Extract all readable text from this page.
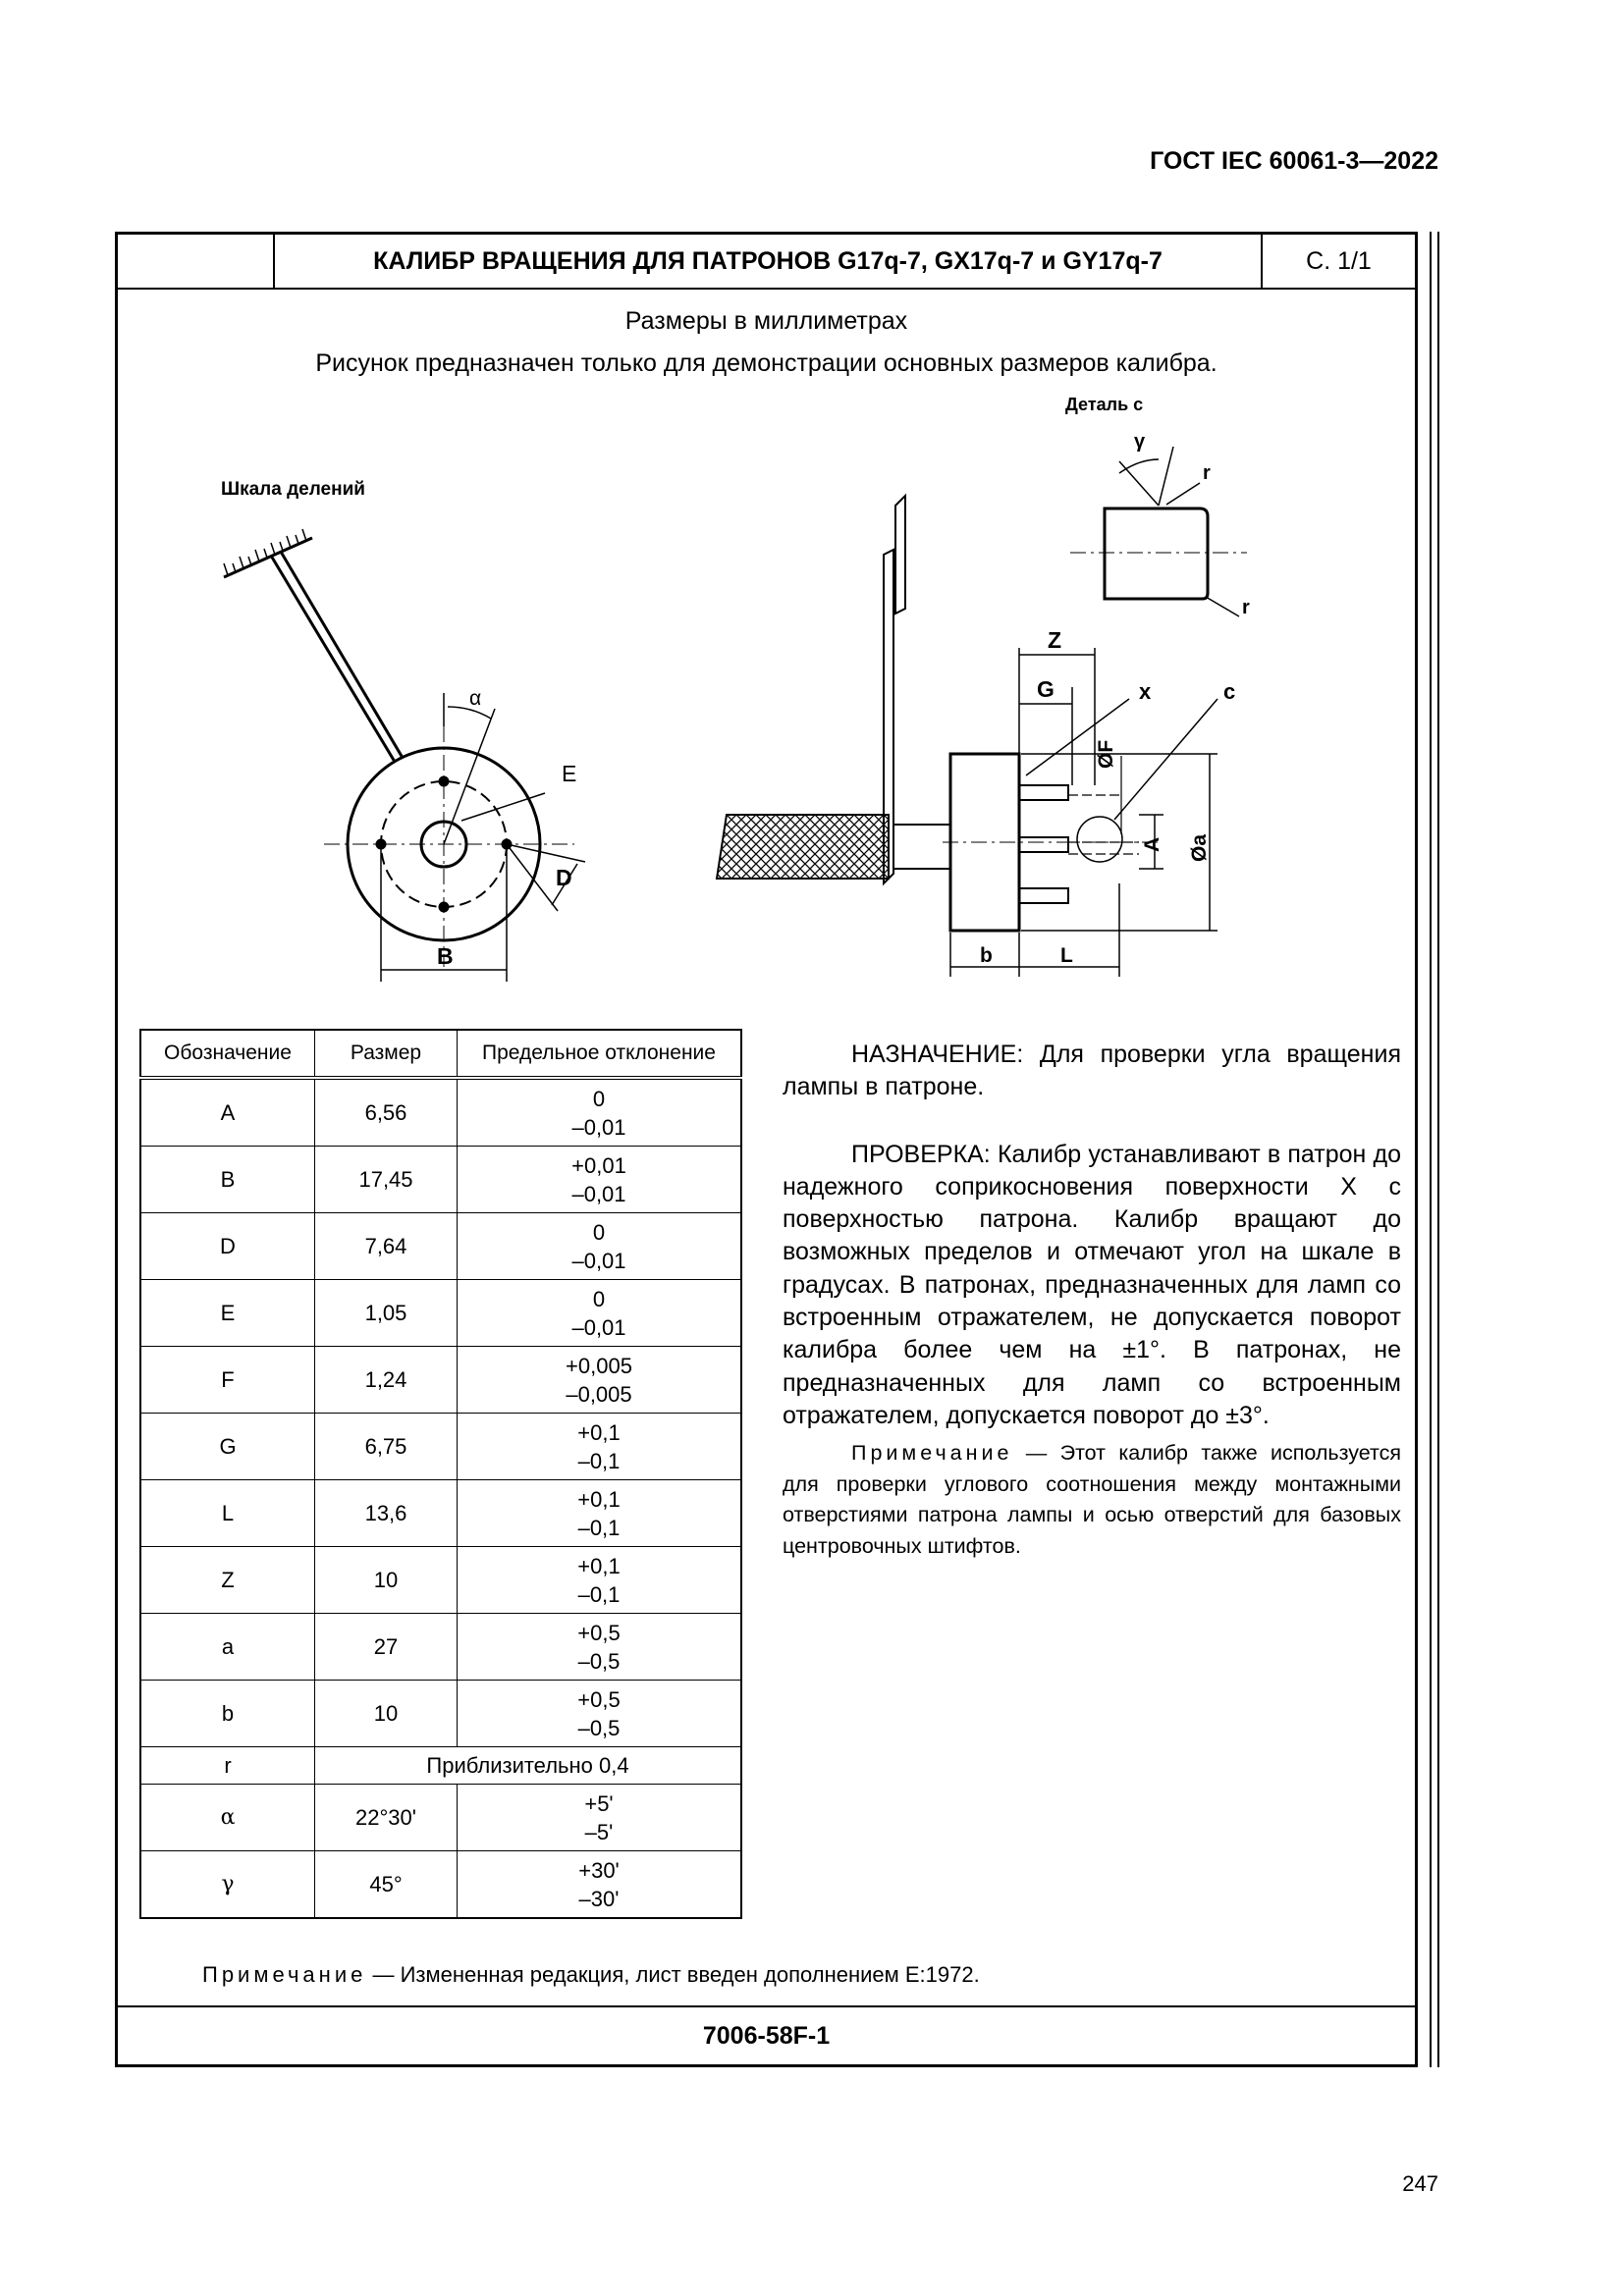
ГОСТ IEC 60061-3—2022
КАЛИБР ВРАЩЕНИЯ ДЛЯ ПАТРОНОВ G17q-7, GX17q-7 и GY17q-7	С. 1/1
Размеры в миллиметрах
Рисунок предназначен только для демонстрации основных размеров калибра.
Примечание — Измененная редакция, лист введен дополнением E:1972.
7006-58F-1
Шкала делений
α
E
D
B
Z
G	x	c
ØF
A Øa
b	L
Деталь с
γ
r
r
Обозначение	Размер	Предельное отклонение
A	6,56	0
–0,01

B	17,45	+0,01
–0,01

D	7,64	0
–0,01

E	1,05	0
–0,01

F	1,24	+0,005
–0,005

G	6,75	+0,1
–0,1

L	13,6	+0,1
–0,1

Z	10	+0,1
–0,1

a	27	+0,5
–0,5

b	10	+0,5
–0,5

r	Приблизительно 0,4	
α	22°30'	+5'
–5'

γ	45°	+30'
–30'

НАЗНАЧЕНИЕ: Для проверки угла вращения лампы в патроне.

ПРОВЕРКА: Калибр устанавливают в патрон до надежного соприкосновения поверхности X с поверхностью патрона. Калибр вращают до возможных пределов и отмечают угол на шкале в градусах. В патронах, предназначенных для ламп со встроенным отражателем, не допускается поворот калибра более чем на ±1°. В патронах, не предназначенных для ламп со встроенным отражателем, допускается поворот до ±3°.

Примечание — Этот калибр также используется для проверки углового соотношения между монтажными отверстиями патрона лампы и осью отверстий для базовых центровочных штифтов.

247
